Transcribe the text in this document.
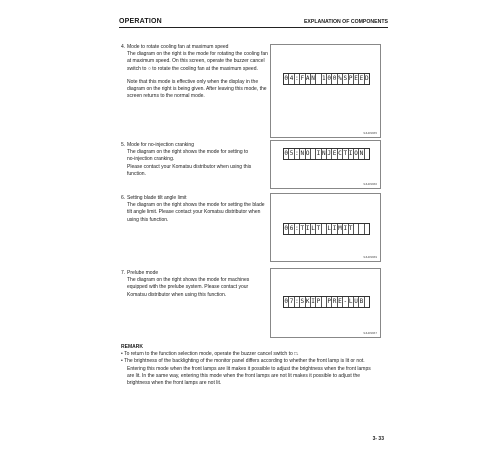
OPERATION	EXPLANATION OF COMPONENTS
4. Mode to rotate cooling fan at maximum speed
The diagram on the right is the mode for rotating the cooling fan
at maximum speed. On this screen, operate the buzzer cancel
switch to ○ to rotate the cooling fan at the maximum speed.
Note that this mode is effective only when the display in the
diagram on the right is being given. After leaving this mode, the
screen returns to the normal mode.
0 4 : F A N 1 0 0 % S P E E D
9JH09965
5. Mode for no-injection cranking
The diagram on the right shows the mode for setting to
no-injection cranking.
Please contact your Komatsu distributor when using this
function.
0 5 : N O I N J E C T I O N
9JH09966
6. Setting blade tilt angle limit
The diagram on the right shows the mode for setting the blade
tilt angle limit. Please contact your Komatsu distributor when
using this function.
0 6 : T I L T L I M I T
9JH09969
7. Prelube mode
The diagram on the right shows the mode for machines
equipped with the prelube system. Please contact your
Komatsu distributor when using this function.
0 7 : S K I P P R E - L U B
9JH09967
REMARK
• To return to the function selection mode, operate the buzzer cancel switch to □.
• The brightness of the backlighting of the monitor panel differs according to whether the front lamp is lit or not.
Entering this mode when the front lamps are lit makes it possible to adjust the brightness when the front lamps
are lit. In the same way, entering this mode when the front lamps are not lit makes it possible to adjust the
brightness when the front lamps are not lit.
3- 33
